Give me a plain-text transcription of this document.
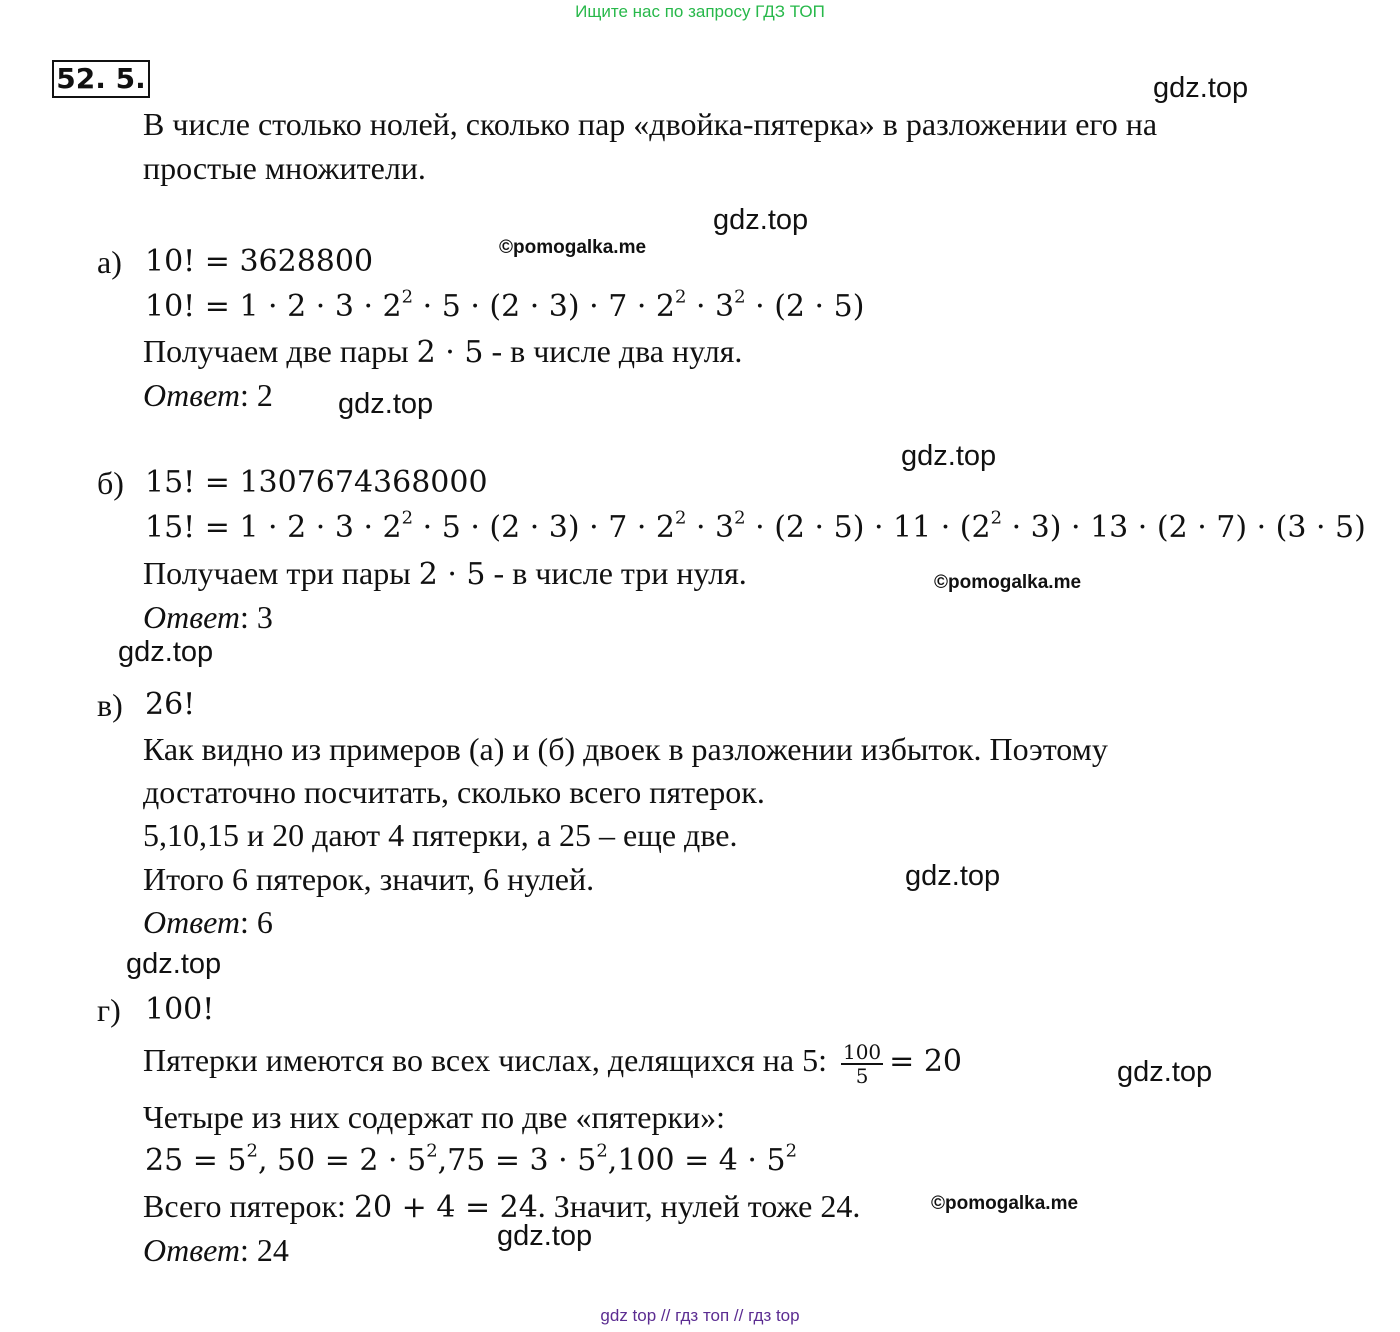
Ищите нас по запросу ГДЗ ТОП
52. 5.	gdz.top
gdz.top
gdz.top
gdz.top
gdz.top
gdz.top
gdz.top
gdz.top
gdz.top
©pomogalka.me
©pomogalka.me
©pomogalka.me
В числе столько нолей, сколько пар «двойка-пятерка» в разложении его на
простые множители.
а) 10! = 3628800
10! = $1 \cdot 2 \cdot 3 \cdot 2^2 \cdot 5 \cdot (2 \cdot 3) \cdot 7 \cdot 2^2 \cdot 3^2 \cdot (2 \cdot 5)$
Получаем две пары 2 · 5 - в числе два нуля.
Ответ: 2
б) 15! = 1307674368000
15! = $1 \cdot 2 \cdot 3 \cdot 2^2 \cdot 5 \cdot (2 \cdot 3) \cdot 7 \cdot 2^2 \cdot 3^2 \cdot (2 \cdot 5) \cdot 11 \cdot (2^2 \cdot 3) \cdot 13 \cdot (2 \cdot 7) \cdot (3 \cdot 5)$
Получаем три пары 2 · 5 - в числе три нуля.
Ответ: 3
в) 26!
Как видно из примеров (а) и (б) двоек в разложении избыток. Поэтому
достаточно посчитать, сколько всего пятерок.
5,10,15 и 20 дают 4 пятерки, а 25 – еще две.
Итого 6 пятерок, значит, 6 нулей.
Ответ: 6
г) 100!
Пятерки имеются во всех числах, делящихся на 5: $\frac{100}{5} = 20$
Четыре из них содержат по две «пятерки»:
$25 = 5^2$, $50 = 2 \cdot 5^2,75 = 3 \cdot 5^2,100 = 4 \cdot 5^2$
Всего пятерок: 20 + 4 = 24. Значит, нулей тоже 24.
Ответ: 24
gdz top // гдз топ // гдз top
